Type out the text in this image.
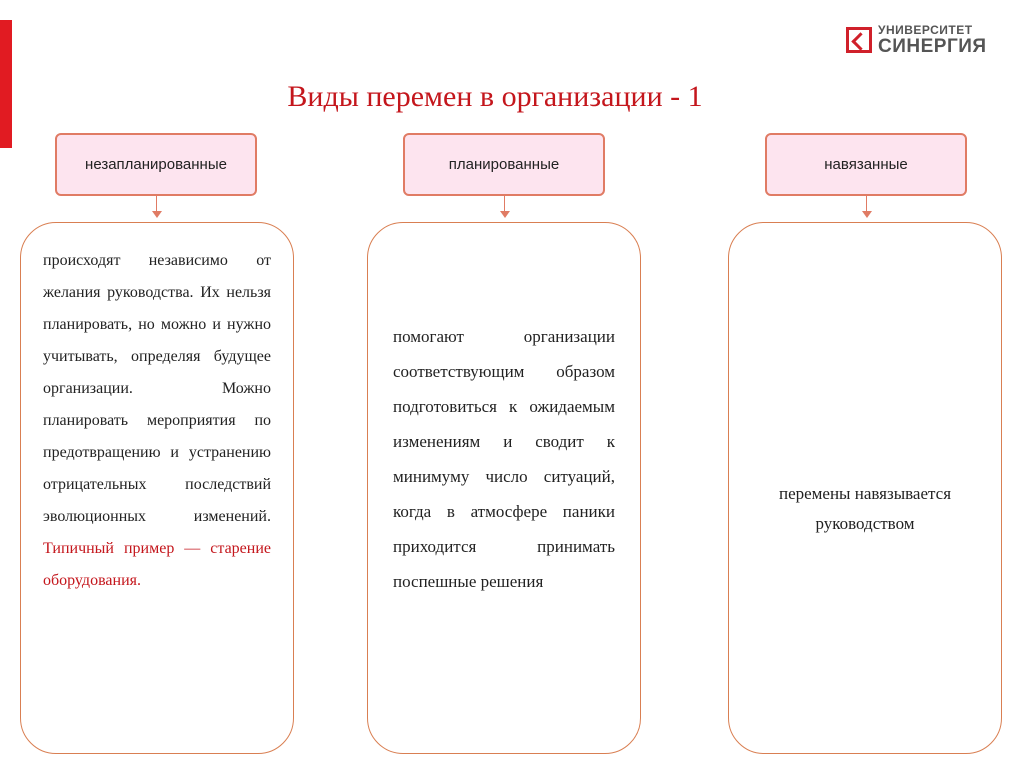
УНИВЕРСИТЕТ
СИНЕРГИЯ
Виды перемен в организации - 1
незапланированные
происходят независимо от желания руководства. Их нельзя планировать, но можно и нужно учитывать, определяя будущее организации. Можно планировать мероприятия по предотвращению и устранению отрицательных последствий эволюционных изменений. Типичный пример — старение оборудования.
планированные
помогают организации соответствующим образом подготовиться к ожидаемым изменениям и сводит к минимуму число ситуаций, когда в атмосфере паники приходится принимать поспешные решения
навязанные
перемены навязывается руководством
